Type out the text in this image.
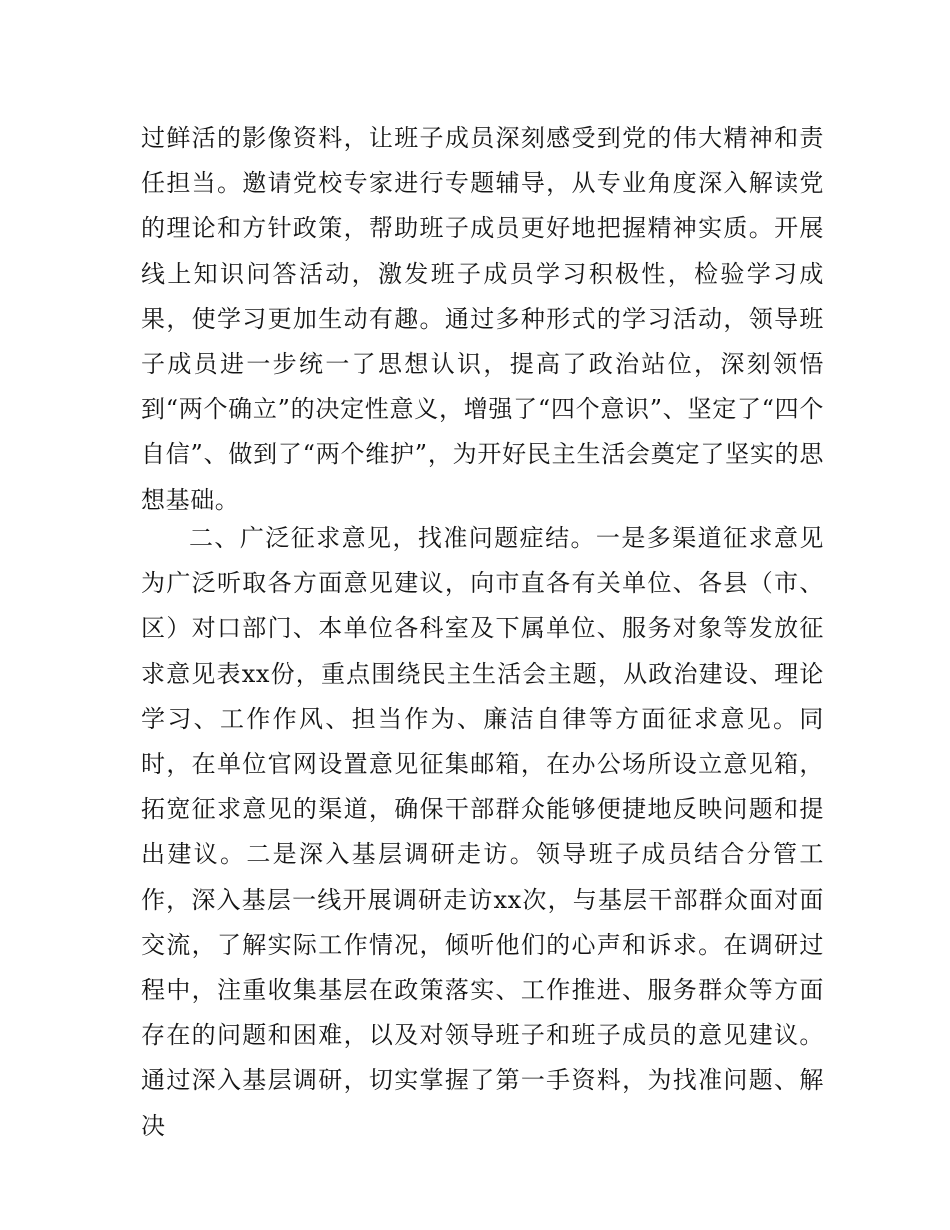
过鲜活的影像资料，让班子成员深刻感受到党的伟大精神和责任担当。邀请党校专家进行专题辅导，从专业角度深入解读党的理论和方针政策，帮助班子成员更好地把握精神实质。开展线上知识问答活动，激发班子成员学习积极性，检验学习成果，使学习更加生动有趣。通过多种形式的学习活动，领导班子成员进一步统一了思想认识，提高了政治站位，深刻领悟到“两个确立”的决定性意义，增强了“四个意识”、坚定了“四个自信”、做到了“两个维护”，为开好民主生活会奠定了坚实的思想基础。

二、广泛征求意见，找准问题症结。一是多渠道征求意见为广泛听取各方面意见建议，向市直各有关单位、各县（市、区）对口部门、本单位各科室及下属单位、服务对象等发放征求意见表xx份，重点围绕民主生活会主题，从政治建设、理论学习、工作作风、担当作为、廉洁自律等方面征求意见。同时，在单位官网设置意见征集邮箱，在办公场所设立意见箱，拓宽征求意见的渠道，确保干部群众能够便捷地反映问题和提出建议。二是深入基层调研走访。领导班子成员结合分管工作，深入基层一线开展调研走访xx次，与基层干部群众面对面交流，了解实际工作情况，倾听他们的心声和诉求。在调研过程中，注重收集基层在政策落实、工作推进、服务群众等方面存在的问题和困难，以及对领导班子和班子成员的意见建议。通过深入基层调研，切实掌握了第一手资料，为找准问题、解决
